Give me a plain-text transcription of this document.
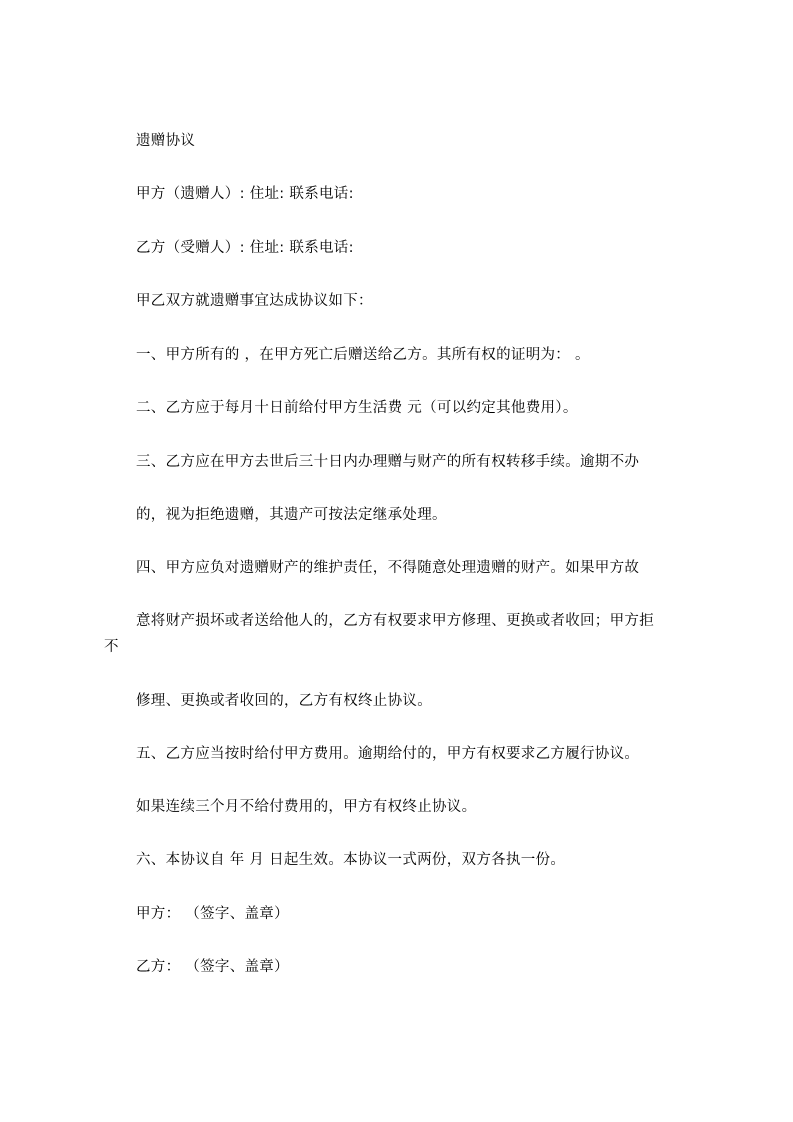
遗赠协议
甲方（遗赠人）: 住址: 联系电话:
乙方（受赠人）: 住址: 联系电话:
甲乙双方就遗赠事宜达成协议如下：
一、甲方所有的 ，在甲方死亡后赠送给乙方。其所有权的证明为： 。
二、乙方应于每月十日前给付甲方生活费 元（可以约定其他费用）。
三、乙方应在甲方去世后三十日内办理赠与财产的所有权转移手续。逾期不办
的，视为拒绝遗赠，其遗产可按法定继承处理。
四、甲方应负对遗赠财产的维护责任，不得随意处理遗赠的财产。如果甲方故
意将财产损坏或者送给他人的，乙方有权要求甲方修理、更换或者收回；甲方拒
不
修理、更换或者收回的，乙方有权终止协议。
五、乙方应当按时给付甲方费用。逾期给付的，甲方有权要求乙方履行协议。
如果连续三个月不给付费用的，甲方有权终止协议。
六、本协议自 年 月 日起生效。本协议一式两份，双方各执一份。
甲方： （签字、盖章）
乙方： （签字、盖章）
